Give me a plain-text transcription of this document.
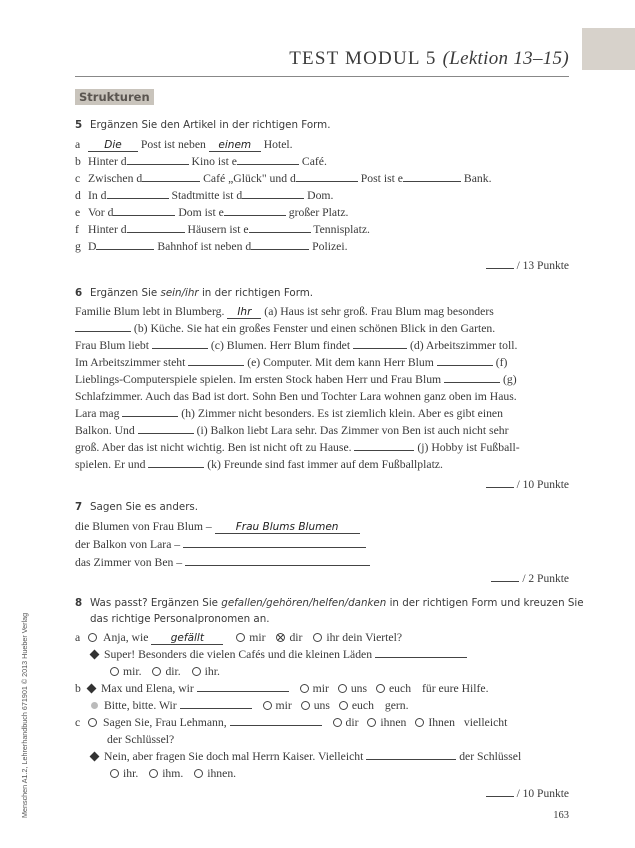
TEST MODUL 5 (Lektion 13–15)
Strukturen
5 Ergänzen Sie den Artikel in der richtigen Form.
a Die Post ist neben einem Hotel.
b Hinter d	Kino ist e	Café.
c Zwischen d	Café „Glück" und d	Post ist e	Bank.
d In d	Stadtmitte ist d	Dom.
e Vor d	Dom ist e	großer Platz.
f Hinter d	Häusern ist e	Tennisplatz.
g D	Bahnhof ist neben d	Polizei.
/ 13 Punkte
6 Ergänzen Sie sein/ihr in der richtigen Form.
Familie Blum lebt in Blumberg. Ihr (a) Haus ist sehr groß. Frau Blum mag besonders
(b) Küche. Sie hat ein großes Fenster und einen schönen Blick in den Garten.
Frau Blum liebt	(c) Blumen. Herr Blum findet	(d) Arbeitszimmer toll.
Im Arbeitszimmer steht	(e) Computer. Mit dem kann Herr Blum	(f)
Lieblings-Computerspiele spielen. Im ersten Stock haben Herr und Frau Blum	(g)
Schlafzimmer. Auch das Bad ist dort. Sohn Ben und Tochter Lara wohnen ganz oben im Haus.
Lara mag	(h) Zimmer nicht besonders. Es ist ziemlich klein. Aber es gibt einen
Balkon. Und	(i) Balkon liebt Lara sehr. Das Zimmer von Ben ist auch nicht sehr
groß. Aber das ist nicht wichtig. Ben ist nicht oft zu Hause.	(j) Hobby ist Fußball-
spielen. Er und	(k) Freunde sind fast immer auf dem Fußballplatz.
/ 10 Punkte
7 Sagen Sie es anders.
die Blumen von Frau Blum – Frau Blums Blumen
der Balkon von Lara –
das Zimmer von Ben –
/ 2 Punkte
8 Was passt? Ergänzen Sie gefallen/gehören/helfen/danken in der richtigen Form und kreuzen Sie
das richtige Personalpronomen an.
a Anja, wie gefällt	mir dir ihr dein Viertel?
Super! Besonders die vielen Cafés und die kleinen Läden
mir. dir. ihr.
b Max und Elena, wir	mir uns euch für eure Hilfe.
Bitte, bitte. Wir	mir uns euch gern.
c Sagen Sie, Frau Lehmann,	dir ihnen Ihnen vielleicht
der Schlüssel?
Nein, aber fragen Sie doch mal Herrn Kaiser. Vielleicht	der Schlüssel
ihr. ihm. ihnen.
/ 10 Punkte
Menschen A1.2, Lehrerhandbuch 671901 © 2013 Hueber Verlag	163
